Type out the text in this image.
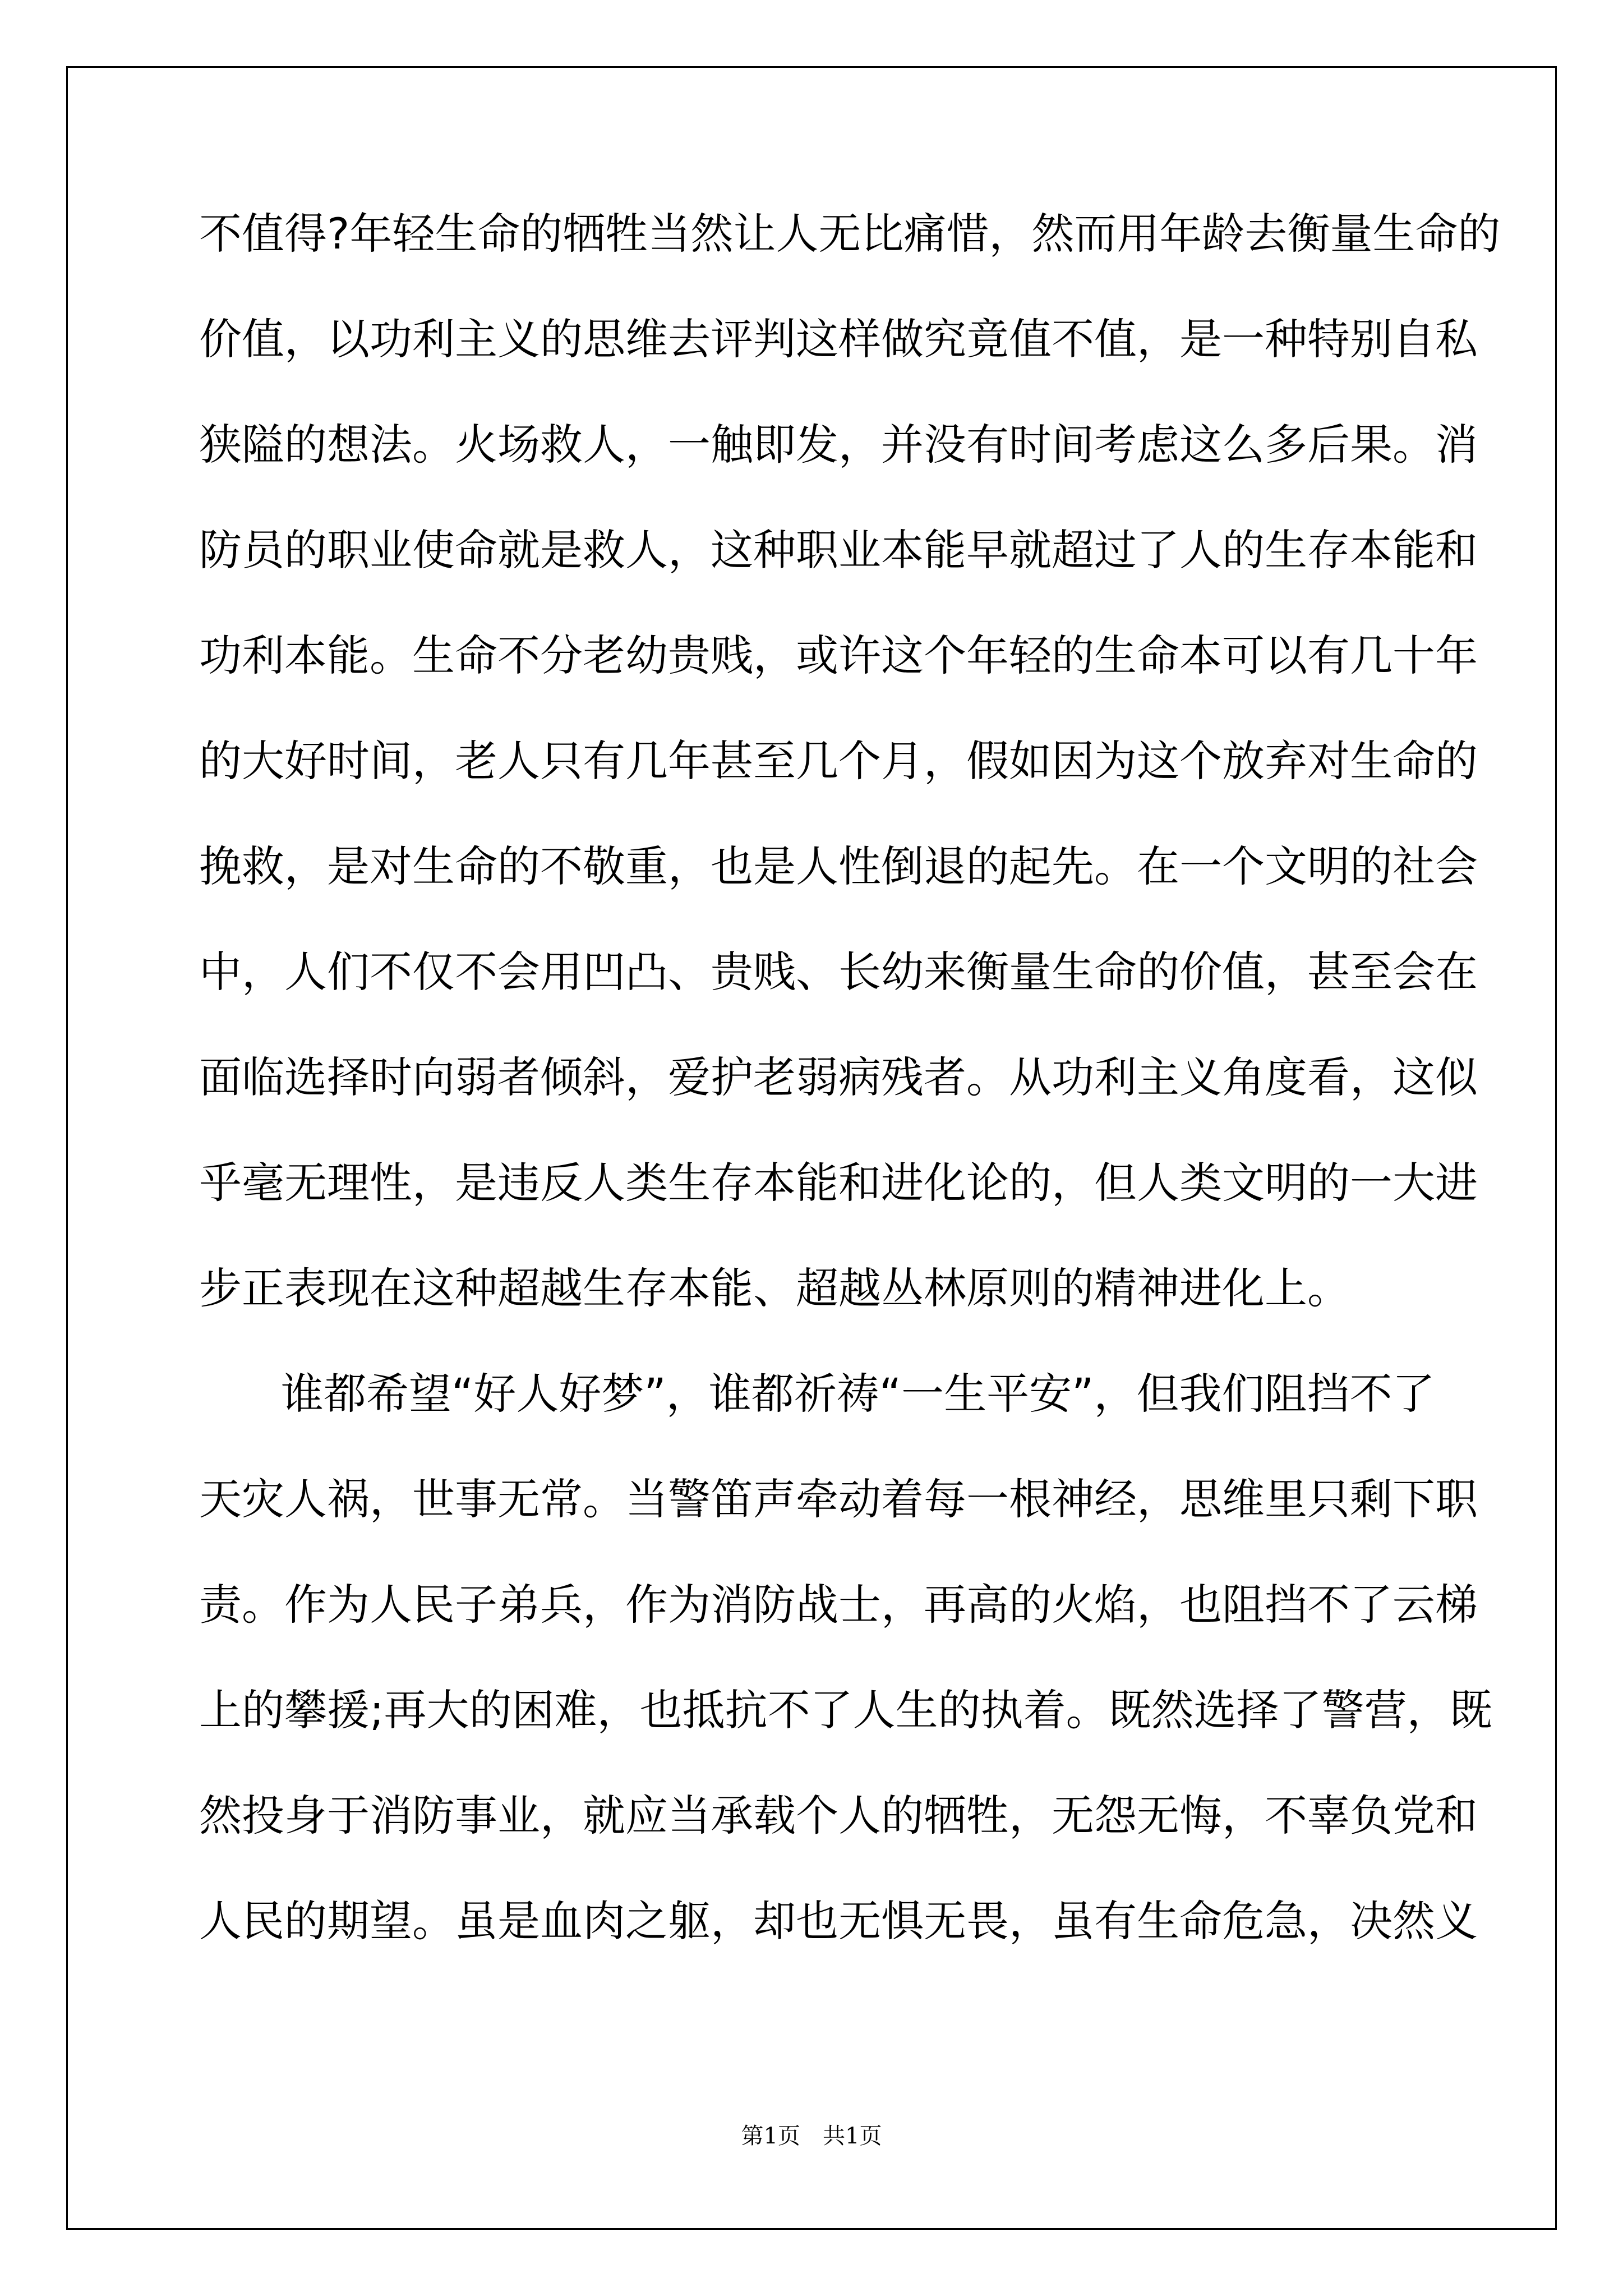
不值得?年轻生命的牺牲当然让人无比痛惜，然而用年龄去衡量生命的
价值，以功利主义的思维去评判这样做究竟值不值，是一种特别自私
狭隘的想法。火场救人，一触即发，并没有时间考虑这么多后果。消
防员的职业使命就是救人，这种职业本能早就超过了人的生存本能和
功利本能。生命不分老幼贵贱，或许这个年轻的生命本可以有几十年
的大好时间，老人只有几年甚至几个月，假如因为这个放弃对生命的
挽救，是对生命的不敬重，也是人性倒退的起先。在一个文明的社会
中，人们不仅不会用凹凸、贵贱、长幼来衡量生命的价值，甚至会在
面临选择时向弱者倾斜，爱护老弱病残者。从功利主义角度看，这似
乎毫无理性，是违反人类生存本能和进化论的，但人类文明的一大进
步正表现在这种超越生存本能、超越丛林原则的精神进化上。
谁都希望“好人好梦”，谁都祈祷“一生平安”，但我们阻挡不了
天灾人祸，世事无常。当警笛声牵动着每一根神经，思维里只剩下职
责。作为人民子弟兵，作为消防战士，再高的火焰，也阻挡不了云梯
上的攀援;再大的困难，也抵抗不了人生的执着。既然选择了警营，既
然投身于消防事业，就应当承载个人的牺牲，无怨无悔，不辜负党和
人民的期望。虽是血肉之躯，却也无惧无畏，虽有生命危急，决然义
第1页　共1页
